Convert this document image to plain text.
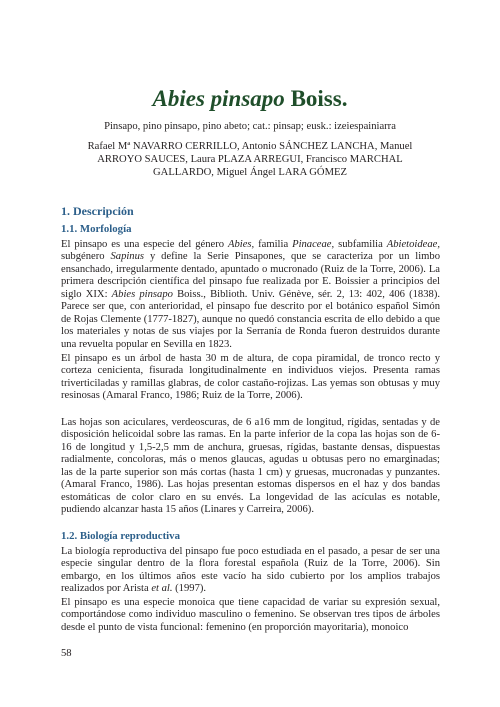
Abies pinsapo Boiss.
Pinsapo, pino pinsapo, pino abeto; cat.: pinsap; eusk.: izeiespainiarra
Rafael Mª NAVARRO CERRILLO, Antonio SÁNCHEZ LANCHA, Manuel ARROYO SAUCES, Laura PLAZA ARREGUI, Francisco MARCHAL GALLARDO, Miguel Ángel LARA GÓMEZ
1. Descripción
1.1. Morfología

El pinsapo es una especie del género Abies, familia Pinaceae, subfamilia Abietoideae, subgénero Sapinus y define la Serie Pinsapones, que se caracteriza por un limbo ensanchado, irregularmente dentado, apuntado o mucronado (Ruiz de la Torre, 2006). La primera descripción científica del pinsapo fue realizada por E. Boissier a principios del siglo XIX: Abies pinsapo Boiss., Biblioth. Univ. Génève, sér. 2, 13: 402, 406 (1838). Parece ser que, con anterioridad, el pinsapo fue descrito por el botánico español Simón de Rojas Clemente (1777-1827), aunque no quedó constancia escrita de ello debido a que los materiales y notas de sus viajes por la Serranía de Ronda fueron destruidos durante una revuelta popular en Sevilla en 1823.

El pinsapo es un árbol de hasta 30 m de altura, de copa piramidal, de tronco recto y corteza cenicienta, fisurada longitudinalmente en individuos viejos. Presenta ramas triverticiladas y ramillas glabras, de color castaño-rojizas. Las yemas son obtusas y muy resinosas (Amaral Franco, 1986; Ruiz de la Torre, 2006).

Las hojas son aciculares, verdeoscuras, de 6 a16 mm de longitud, rígidas, sentadas y de disposición helicoidal sobre las ramas. En la parte inferior de la copa las hojas son de 6-16 de longitud y 1,5-2,5 mm de anchura, gruesas, rígidas, bastante densas, dispuestas radialmente, concoloras, más o menos glaucas, agudas u obtusas pero no emarginadas; las de la parte superior son más cortas (hasta 1 cm) y gruesas, mucronadas y punzantes. (Amaral Franco, 1986). Las hojas presentan estomas dispersos en el haz y dos bandas estomáticas de color claro en su envés. La longevidad de las acículas es notable, pudiendo alcanzar hasta 15 años (Linares y Carreira, 2006).

1.2. Biología reproductiva

La biología reproductiva del pinsapo fue poco estudiada en el pasado, a pesar de ser una especie singular dentro de la flora forestal española (Ruiz de la Torre, 2006). Sin embargo, en los últimos años este vacío ha sido cubierto por los amplios trabajos realizados por Arista et al. (1997).

El pinsapo es una especie monoica que tiene capacidad de variar su expresión sexual, comportándose como individuo masculino o femenino. Se observan tres tipos de árboles desde el punto de vista funcional: femenino (en proporción mayoritaria), monoico

58
